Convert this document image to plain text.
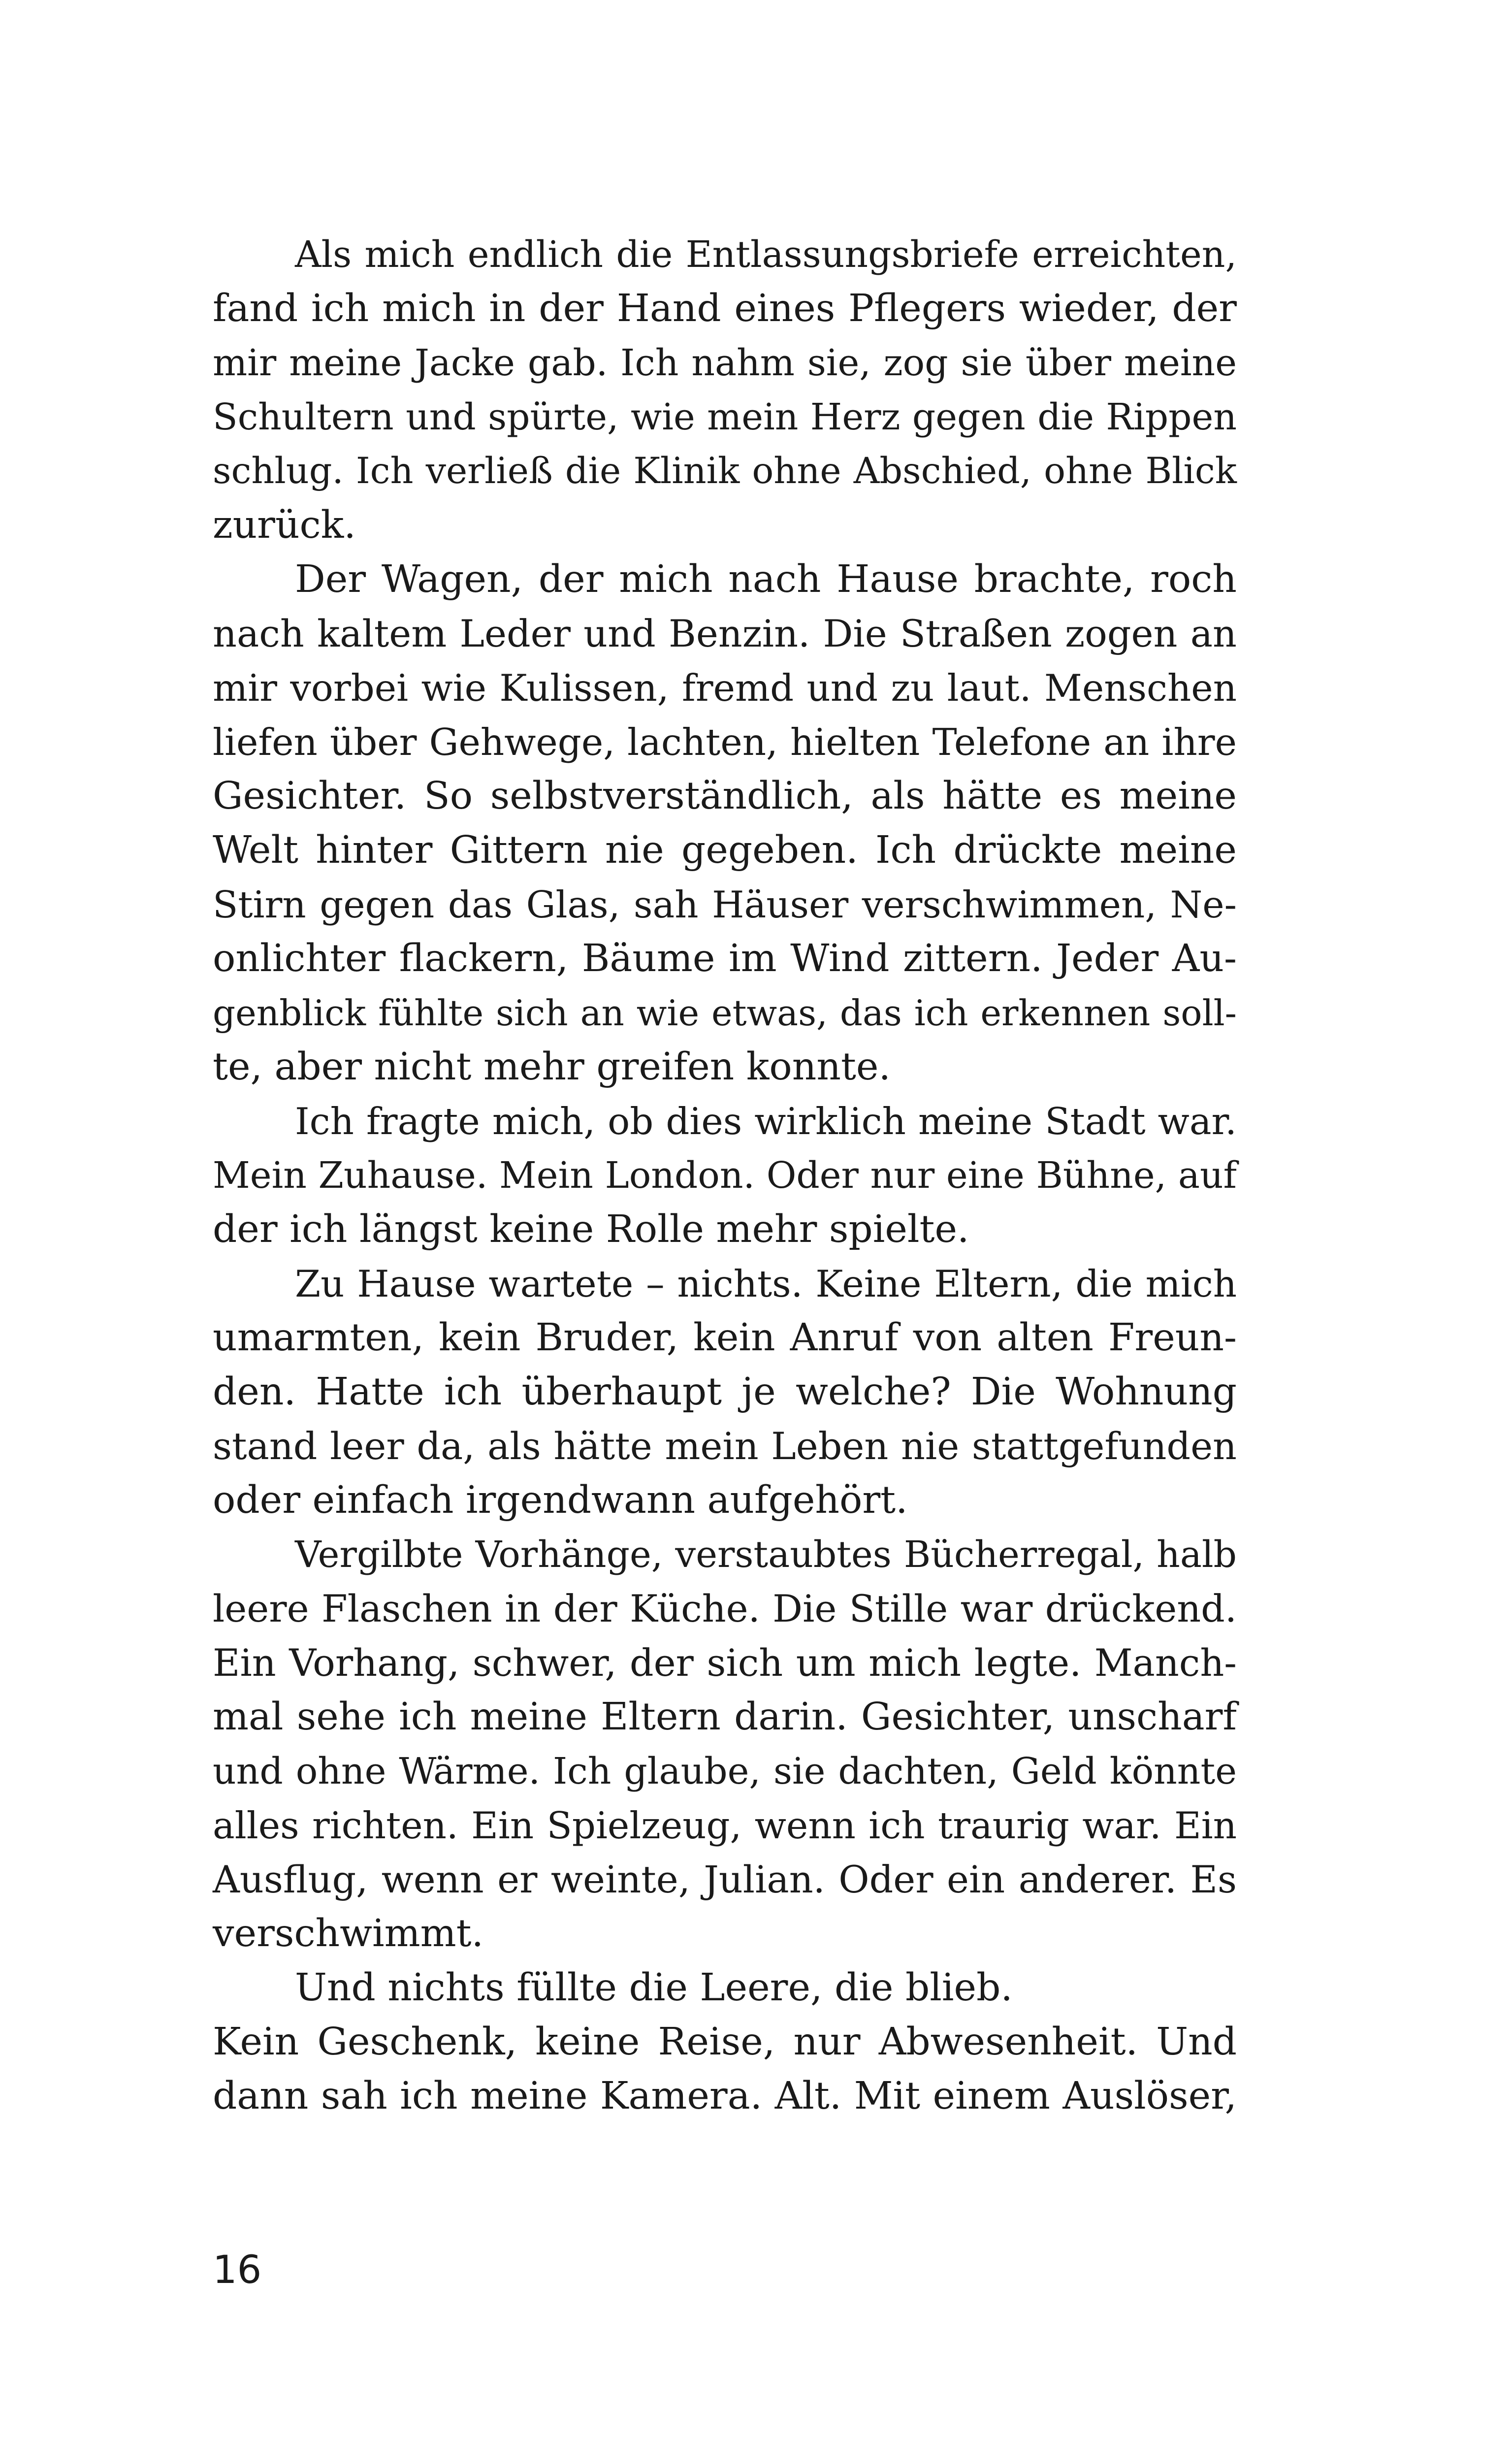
Als mich endlich die Entlassungsbriefe erreichten,
fand ich mich in der Hand eines Pflegers wieder, der
mir meine Jacke gab. Ich nahm sie, zog sie über meine
Schultern und spürte, wie mein Herz gegen die Rippen
schlug. Ich verließ die Klinik ohne Abschied, ohne Blick
zurück.
Der Wagen, der mich nach Hause brachte, roch
nach kaltem Leder und Benzin. Die Straßen zogen an
mir vorbei wie Kulissen, fremd und zu laut. Menschen
liefen über Gehwege, lachten, hielten Telefone an ihre
Gesichter. So selbstverständlich, als hätte es meine
Welt hinter Gittern nie gegeben. Ich drückte meine
Stirn gegen das Glas, sah Häuser verschwimmen, Ne-
onlichter flackern, Bäume im Wind zittern. Jeder Au-
genblick fühlte sich an wie etwas, das ich erkennen soll-
te, aber nicht mehr greifen konnte.
Ich fragte mich, ob dies wirklich meine Stadt war.
Mein Zuhause. Mein London. Oder nur eine Bühne, auf
der ich längst keine Rolle mehr spielte.
Zu Hause wartete – nichts. Keine Eltern, die mich
umarmten, kein Bruder, kein Anruf von alten Freun-
den. Hatte ich überhaupt je welche? Die Wohnung
stand leer da, als hätte mein Leben nie stattgefunden
oder einfach irgendwann aufgehört.
Vergilbte Vorhänge, verstaubtes Bücherregal, halb
leere Flaschen in der Küche. Die Stille war drückend.
Ein Vorhang, schwer, der sich um mich legte. Manch-
mal sehe ich meine Eltern darin. Gesichter, unscharf
und ohne Wärme. Ich glaube, sie dachten, Geld könnte
alles richten. Ein Spielzeug, wenn ich traurig war. Ein
Ausflug, wenn er weinte, Julian. Oder ein anderer. Es
verschwimmt.
Und nichts füllte die Leere, die blieb.
Kein Geschenk, keine Reise, nur Abwesenheit. Und
dann sah ich meine Kamera. Alt. Mit einem Auslöser,
16
